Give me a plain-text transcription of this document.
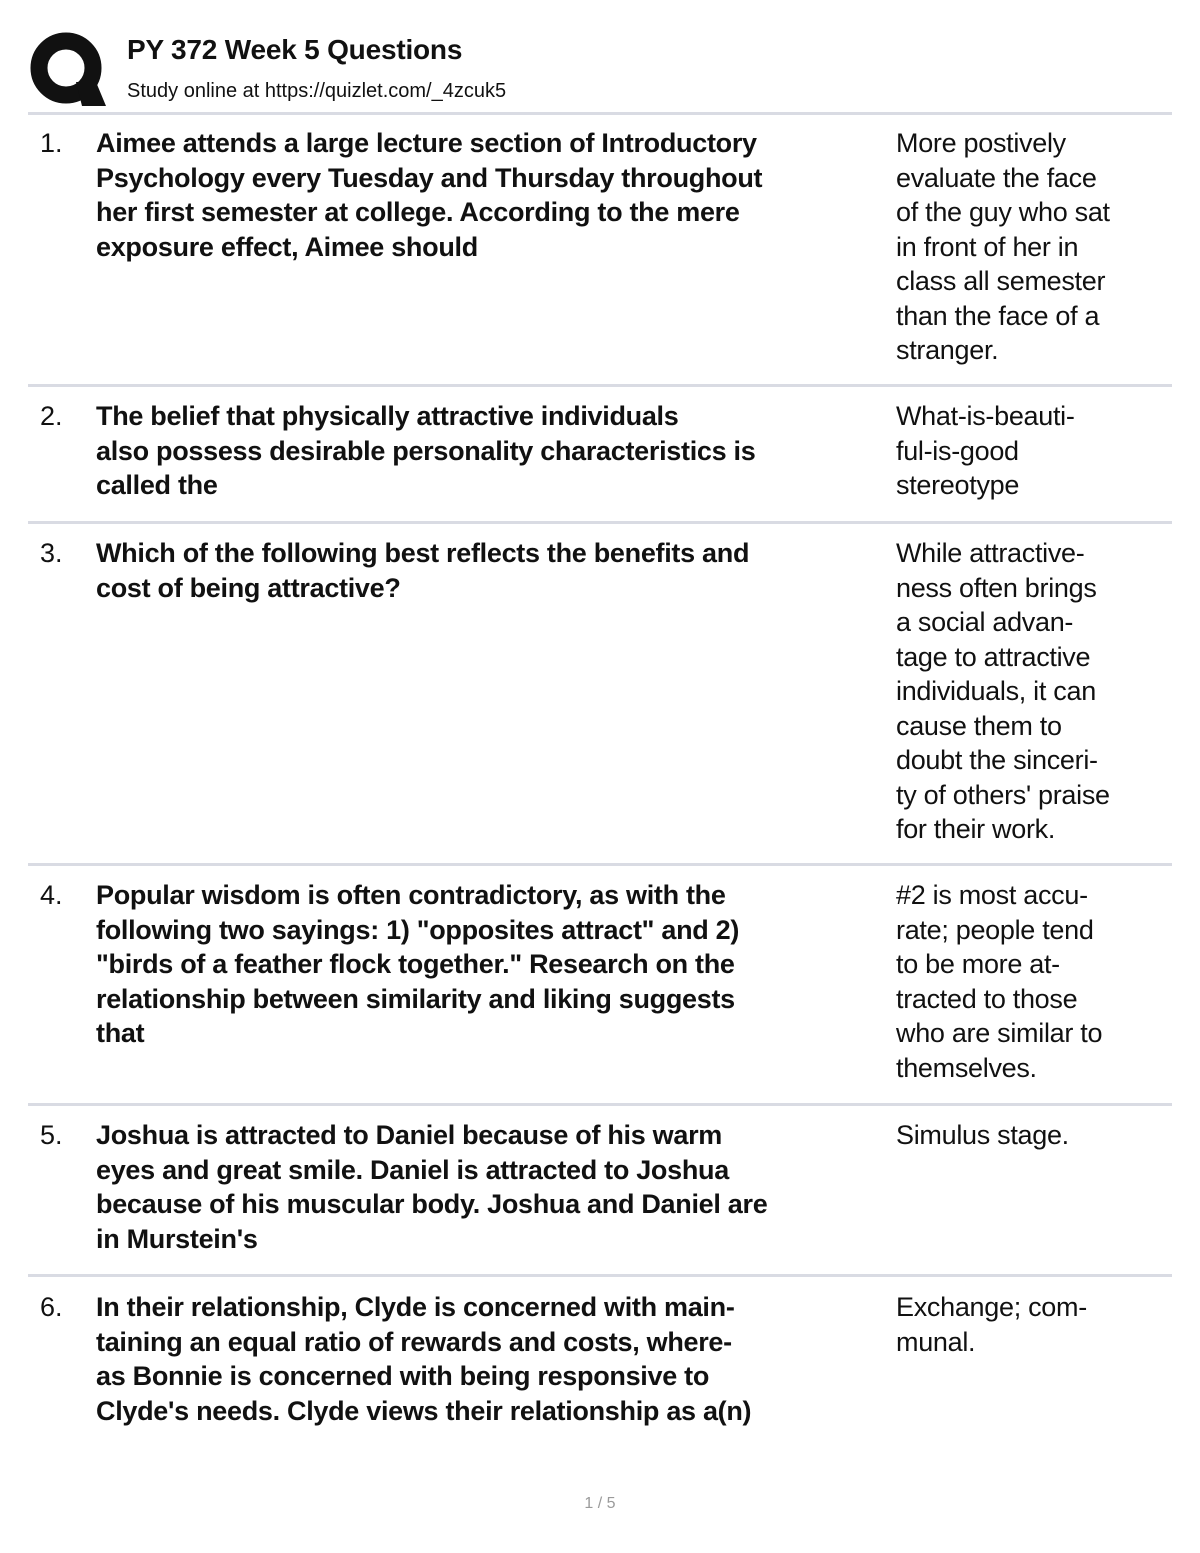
PY 372 Week 5 Questions
Study online at https://quizlet.com/_4zcuk5
1. Aimee attends a large lecture section of Introductory
Psychology every Tuesday and Thursday throughout
her first semester at college. According to the mere
exposure effect, Aimee should
More postively
evaluate the face
of the guy who sat
in front of her in
class all semester
than the face of a
stranger.
2. The belief that physically attractive individuals
also possess desirable personality characteristics is
called the
What-is-beauti-
ful-is-good
stereotype
3. Which of the following best reflects the benefits and
cost of being attractive?
While attractive-
ness often brings
a social advan-
tage to attractive
individuals, it can
cause them to
doubt the sinceri-
ty of others' praise
for their work.
4. Popular wisdom is often contradictory, as with the
following two sayings: 1) "opposites attract" and 2)
"birds of a feather flock together." Research on the
relationship between similarity and liking suggests
that
#2 is most accu-
rate; people tend
to be more at-
tracted to those
who are similar to
themselves.
5. Joshua is attracted to Daniel because of his warm
eyes and great smile. Daniel is attracted to Joshua
because of his muscular body. Joshua and Daniel are
in Murstein's
Simulus stage.
6. In their relationship, Clyde is concerned with main-
taining an equal ratio of rewards and costs, where-
as Bonnie is concerned with being responsive to
Clyde's needs. Clyde views their relationship as a(n)
Exchange; com-
munal.
1 / 5
